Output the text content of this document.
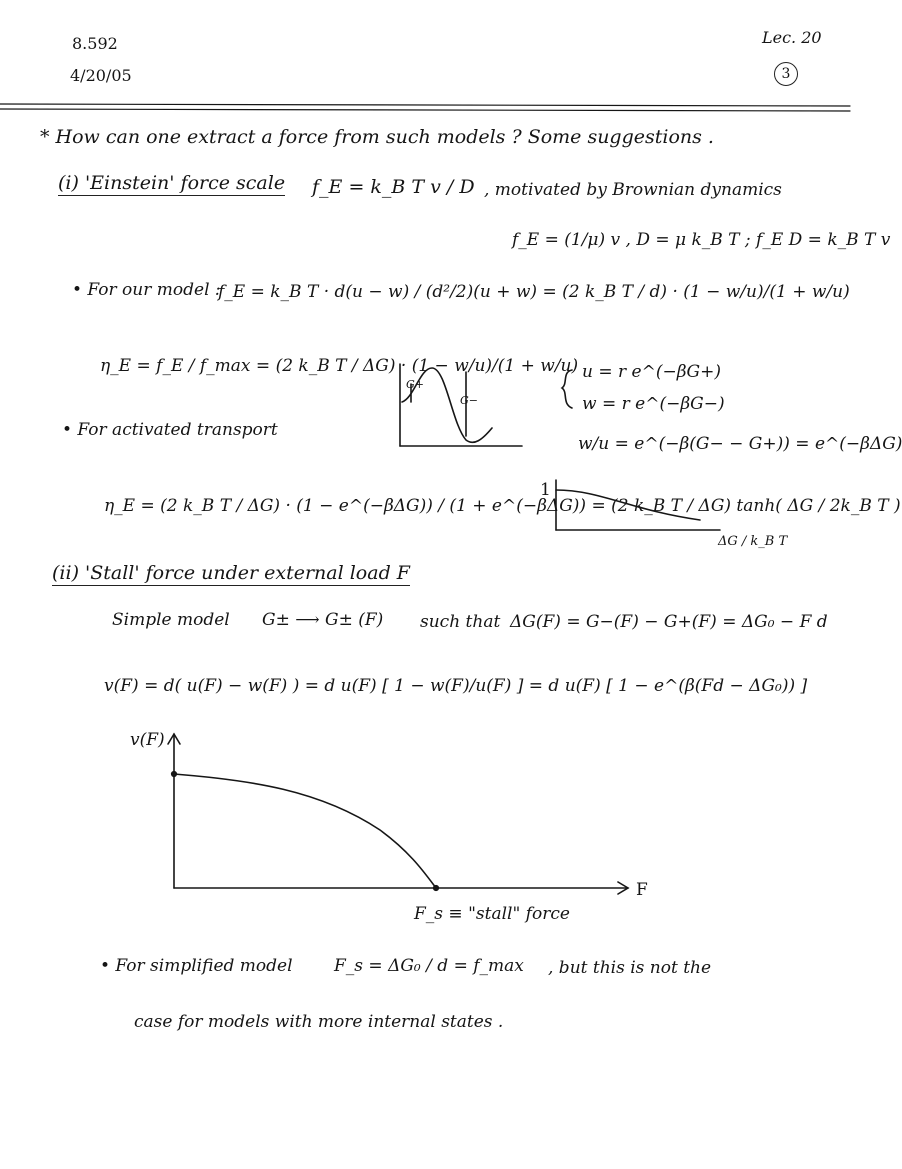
8.592
4/20/05
Lec. 20
3
* How can one extract a force from such models ? Some suggestions .
(i) 'Einstein' force scale f_E = k_B T v / D , motivated by Brownian dynamics
f_E = (1/μ) v , D = μ k_B T ; f_E D = k_B T v
• For our model :
f_E = k_B T · d(u − w) / (d²/2)(u + w) = (2 k_B T / d) · (1 − w/u)/(1 + w/u)
η_E = f_E / f_max = (2 k_B T / ΔG) · (1 − w/u)/(1 + w/u)
G+
G−
u = r e^(−βG+)
w = r e^(−βG−)
w/u = e^(−β(G− − G+)) = e^(−βΔG)
• For activated transport
η_E = (2 k_B T / ΔG) · (1 − e^(−βΔG)) / (1 + e^(−βΔG)) = (2 k_B T / ΔG) tanh( ΔG / 2k_B T )
1
ΔG / k_B T
(ii) 'Stall' force under external load F
Simple model G± ⟶ G± (F) such that ΔG(F) = G−(F) − G+(F) = ΔG₀ − F d
v(F) = d( u(F) − w(F) ) = d u(F) [ 1 − w(F)/u(F) ] = d u(F) [ 1 − e^(β(Fd − ΔG₀)) ]
v(F)
F
F_s ≡ "stall" force
• For simplified model F_s = ΔG₀ / d = f_max , but this is not the
case for models with more internal states .
